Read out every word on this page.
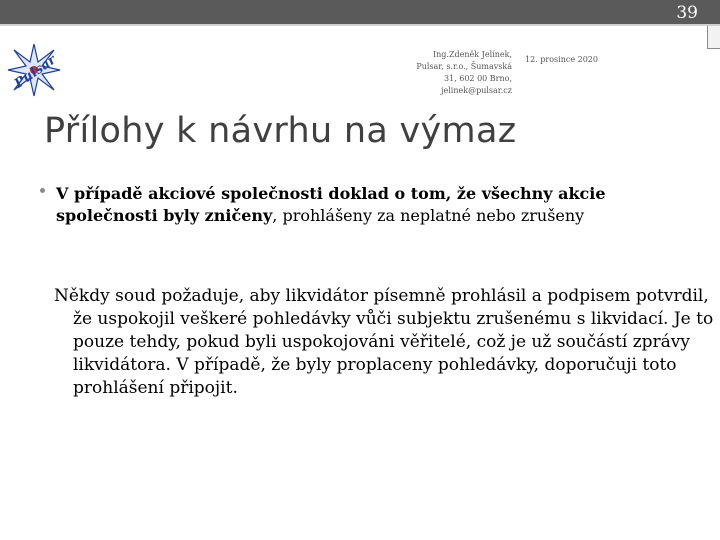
39
Pulsar	Ing.Zdeněk Jelínek,
Pulsar, s.r.o., Šumavská
31, 602 00 Brno,
jelinek@pulsar.cz
12. prosince 2020
Přílohy k návrhu na výmaz
V případě akciové společnosti doklad o tom, že všechny akcie společnosti byly zničeny, prohlášeny za neplatné nebo zrušeny
Někdy soud požaduje, aby likvidátor písemně prohlásil a podpisem potvrdil, že uspokojil veškeré pohledávky vůči subjektu zrušenému s likvidací. Je to pouze tehdy, pokud byli uspokojováni věřitelé, což je už součástí zprávy likvidátora. V případě, že byly proplaceny pohledávky, doporučuji toto prohlášení připojit.
